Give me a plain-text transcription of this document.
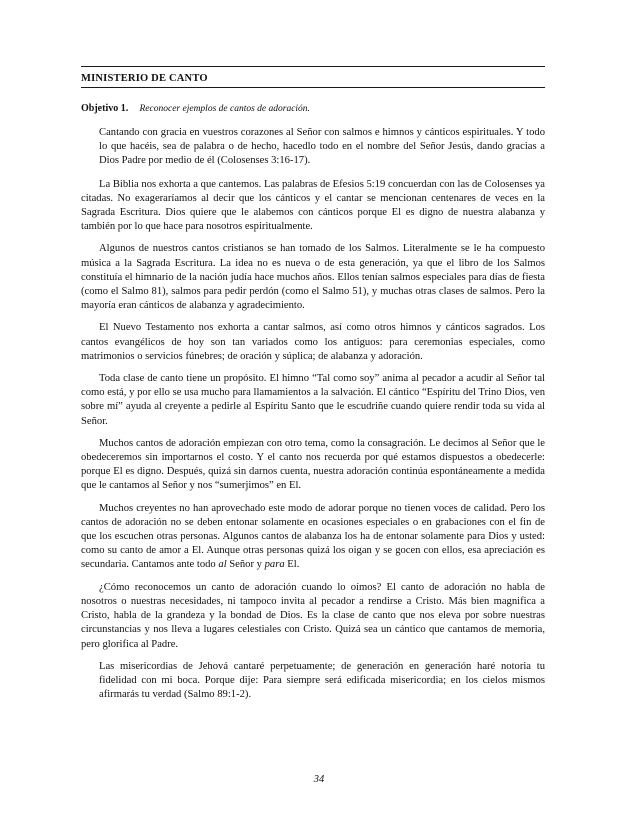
MINISTERIO DE CANTO
Objetivo 1. Reconocer ejemplos de cantos de adoración.

Cantando con gracia en vuestros corazones al Señor con salmos e himnos y cánticos espirituales. Y todo lo que hacéis, sea de palabra o de hecho, hacedlo todo en el nombre del Señor Jesús, dando gracias a Dios Padre por medio de él (Colosenses 3:16-17).

La Biblia nos exhorta a que cantemos. Las palabras de Efesios 5:19 concuerdan con las de Colosenses ya citadas. No exageraríamos al decir que los cánticos y el cantar se mencionan centenares de veces en la Sagrada Escritura. Dios quiere que le alabemos con cánticos porque El es digno de nuestra alabanza y también por lo que hace para nosotros espiritualmente.

Algunos de nuestros cantos cristianos se han tomado de los Salmos. Literalmente se le ha compuesto música a la Sagrada Escritura. La idea no es nueva o de esta generación, ya que el libro de los Salmos constituía el himnario de la nación judía hace muchos años. Ellos tenían salmos especiales para días de fiesta (como el Salmo 81), salmos para pedir perdón (como el Salmo 51), y muchas otras clases de salmos. Pero la mayoría eran cánticos de alabanza y agradecimiento.

El Nuevo Testamento nos exhorta a cantar salmos, así como otros himnos y cánticos sagrados. Los cantos evangélicos de hoy son tan variados como los antiguos: para ceremonias especiales, como matrimonios o servicios fúnebres; de oración y súplica; de alabanza y adoración.

Toda clase de canto tiene un propósito. El himno “Tal como soy” anima al pecador a acudir al Señor tal como está, y por ello se usa mucho para llamamientos a la salvación. El cántico “Espíritu del Trino Dios, ven sobre mí” ayuda al creyente a pedirle al Espíritu Santo que le escudriñe cuando quiere rendir toda su vida al Señor.

Muchos cantos de adoración empiezan con otro tema, como la consagración. Le decimos al Señor que le obedeceremos sin importarnos el costo. Y el canto nos recuerda por qué estamos dispuestos a obedecerle: porque El es digno. Después, quizá sin darnos cuenta, nuestra adoración continúa espontáneamente a medida que le cantamos al Señor y nos “sumerjimos” en El.

Muchos creyentes no han aprovechado este modo de adorar porque no tienen voces de calidad. Pero los cantos de adoración no se deben entonar solamente en ocasiones especiales o en grabaciones con el fin de que los escuchen otras personas. Algunos cantos de alabanza los ha de entonar solamente para Dios y usted: como su canto de amor a El. Aunque otras personas quizá los oigan y se gocen con ellos, esa apreciación es secundaria. Cantamos ante todo al Señor y para El.

¿Cómo reconocemos un canto de adoración cuando lo oímos? El canto de adoración no habla de nosotros o nuestras necesidades, ni tampoco invita al pecador a rendirse a Cristo. Más bien magnifica a Cristo, habla de la grandeza y la bondad de Dios. Es la clase de canto que nos eleva por sobre nuestras circunstancias y nos lleva a lugares celestiales con Cristo. Quizá sea un cántico que cantamos de memoria, pero glorifica al Padre.

Las misericordias de Jehová cantaré perpetuamente; de generación en generación haré notoria tu fidelidad con mi boca. Porque dije: Para siempre será edificada misericordia; en los cielos mismos afirmarás tu verdad (Salmo 89:1-2).

34
